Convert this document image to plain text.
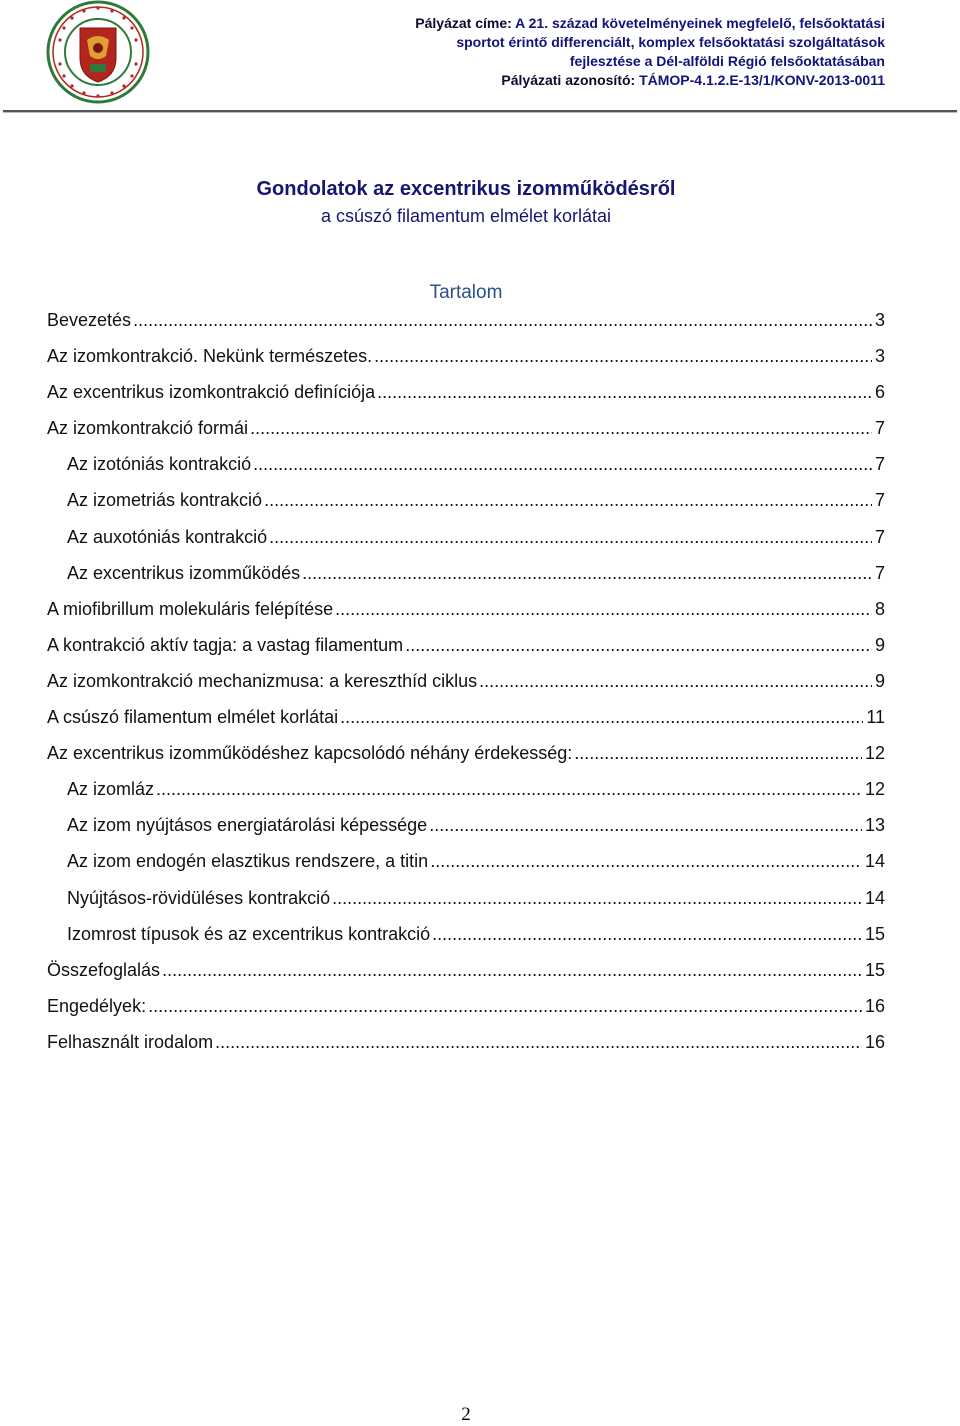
Pályázat címe: A 21. század követelményeinek megfelelő, felsőoktatási
sportot érintő differenciált, komplex felsőoktatási szolgáltatások
fejlesztése a Dél-alföldi Régió felsőoktatásában
Pályázati azonosító: TÁMOP-4.1.2.E-13/1/KONV-2013-0011
Gondolatok az excentrikus izomműködésről
a csúszó filamentum elmélet korlátai
Tartalom
Bevezetés .....	3
Az izomkontrakció. Nekünk természetes. .....	3
Az excentrikus izomkontrakció definíciója .....	6
Az izomkontrakció formái .....	7
Az izotóniás kontrakció .....	7
Az izometriás kontrakció .....	7
Az auxotóniás kontrakció .....	7
Az excentrikus izomműködés .....	7
A miofibrillum molekuláris felépítése .....	8
A kontrakció aktív tagja: a vastag filamentum .....	9
Az izomkontrakció mechanizmusa: a kereszthíd ciklus .....	9
A csúszó filamentum elmélet korlátai .....	11
Az excentrikus izomműködéshez kapcsolódó néhány érdekesség: .....	12
Az izomláz .....	12
Az izom nyújtásos energiatárolási képessége .....	13
Az izom endogén elasztikus rendszere, a titin .....	14
Nyújtásos-rövidüléses kontrakció .....	14
Izomrost típusok és az excentrikus kontrakció .....	15
Összefoglalás .....	15
Engedélyek: .....	16
Felhasznált irodalom .....	16
2
